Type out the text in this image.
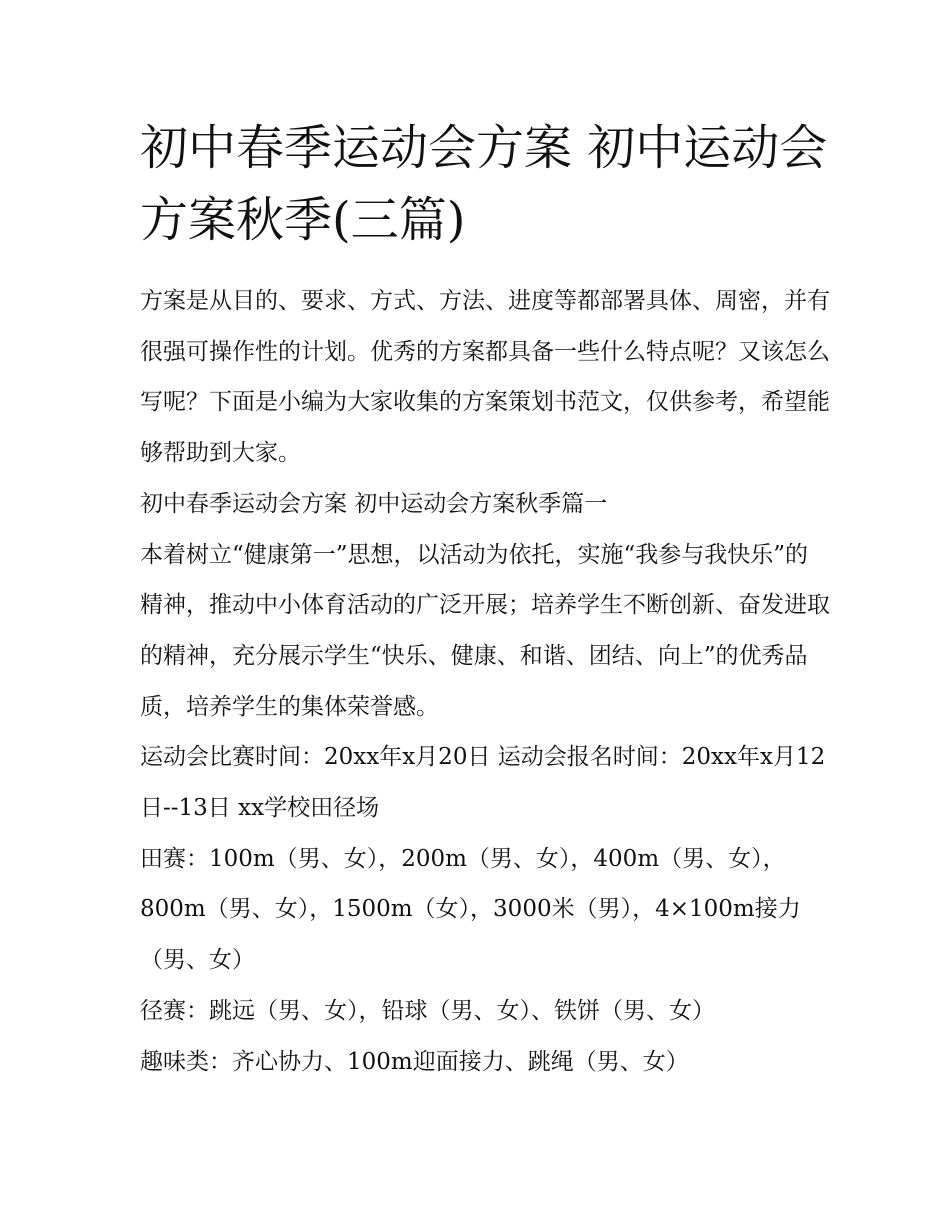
初中春季运动会方案 初中运动会方案秋季(三篇)

方案是从目的、要求、方式、方法、进度等都部署具体、周密，并有很强可操作性的计划。优秀的方案都具备一些什么特点呢？又该怎么写呢？下面是小编为大家收集的方案策划书范文，仅供参考，希望能够帮助到大家。

初中春季运动会方案 初中运动会方案秋季篇一

本着树立“健康第一”思想，以活动为依托，实施“我参与我快乐”的精神，推动中小体育活动的广泛开展；培养学生不断创新、奋发进取的精神，充分展示学生“快乐、健康、和谐、团结、向上”的优秀品质，培养学生的集体荣誉感。

运动会比赛时间：20xx年x月20日 运动会报名时间：20xx年x月12日--13日 xx学校田径场

田赛：100m（男、女），200m（男、女），400m（男、女），800m（男、女），1500m（女），3000米（男），4×100m接力（男、女）

径赛：跳远（男、女），铅球（男、女）、铁饼（男、女）

趣味类：齐心协力、100m迎面接力、跳绳（男、女）
